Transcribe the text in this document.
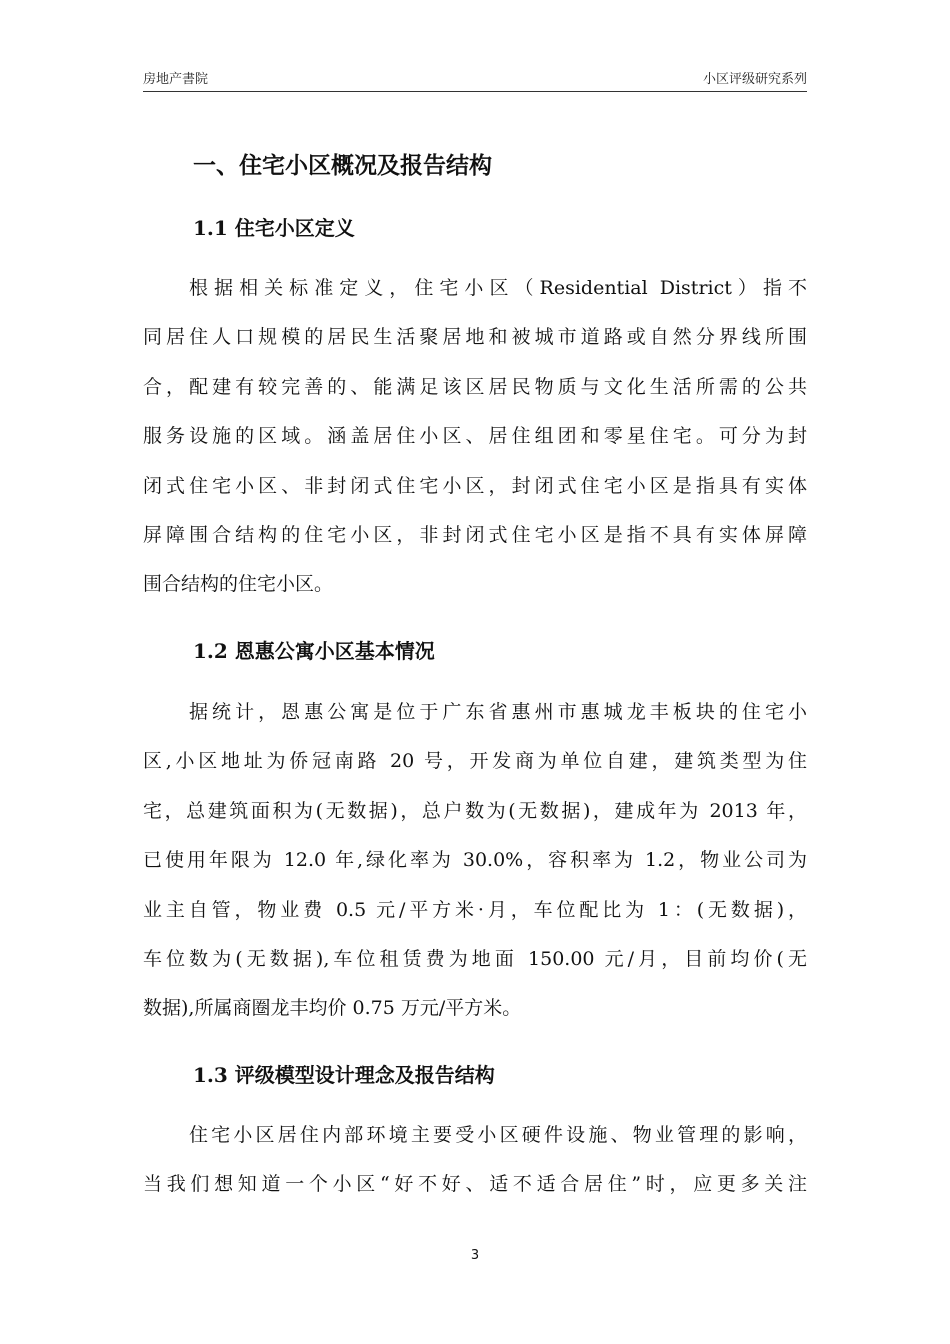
房地产書院	小区评级研究系列
一、住宅小区概况及报告结构
1.1 住宅小区定义
根据相关标准定义，住宅小区（Residential District）指不
同居住人口规模的居民生活聚居地和被城市道路或自然分界线所围
合，配建有较完善的、能满足该区居民物质与文化生活所需的公共
服务设施的区域。涵盖居住小区、居住组团和零星住宅。可分为封
闭式住宅小区、非封闭式住宅小区，封闭式住宅小区是指具有实体
屏障围合结构的住宅小区，非封闭式住宅小区是指不具有实体屏障
围合结构的住宅小区。
1.2 恩惠公寓小区基本情况
据统计，恩惠公寓是位于广东省惠州市惠城龙丰板块的住宅小
区,小区地址为侨冠南路 20 号，开发商为单位自建，建筑类型为住
宅，总建筑面积为(无数据)，总户数为(无数据)，建成年为 2013 年，
已使用年限为 12.0 年,绿化率为 30.0%，容积率为 1.2，物业公司为
业主自管，物业费 0.5 元/平方米·月，车位配比为 1：(无数据)，
车位数为(无数据),车位租赁费为地面 150.00 元/月，目前均价(无
数据),所属商圈龙丰均价 0.75 万元/平方米。
1.3 评级模型设计理念及报告结构
住宅小区居住内部环境主要受小区硬件设施、物业管理的影响，
当我们想知道一个小区“好不好、适不适合居住”时，应更多关注
3
